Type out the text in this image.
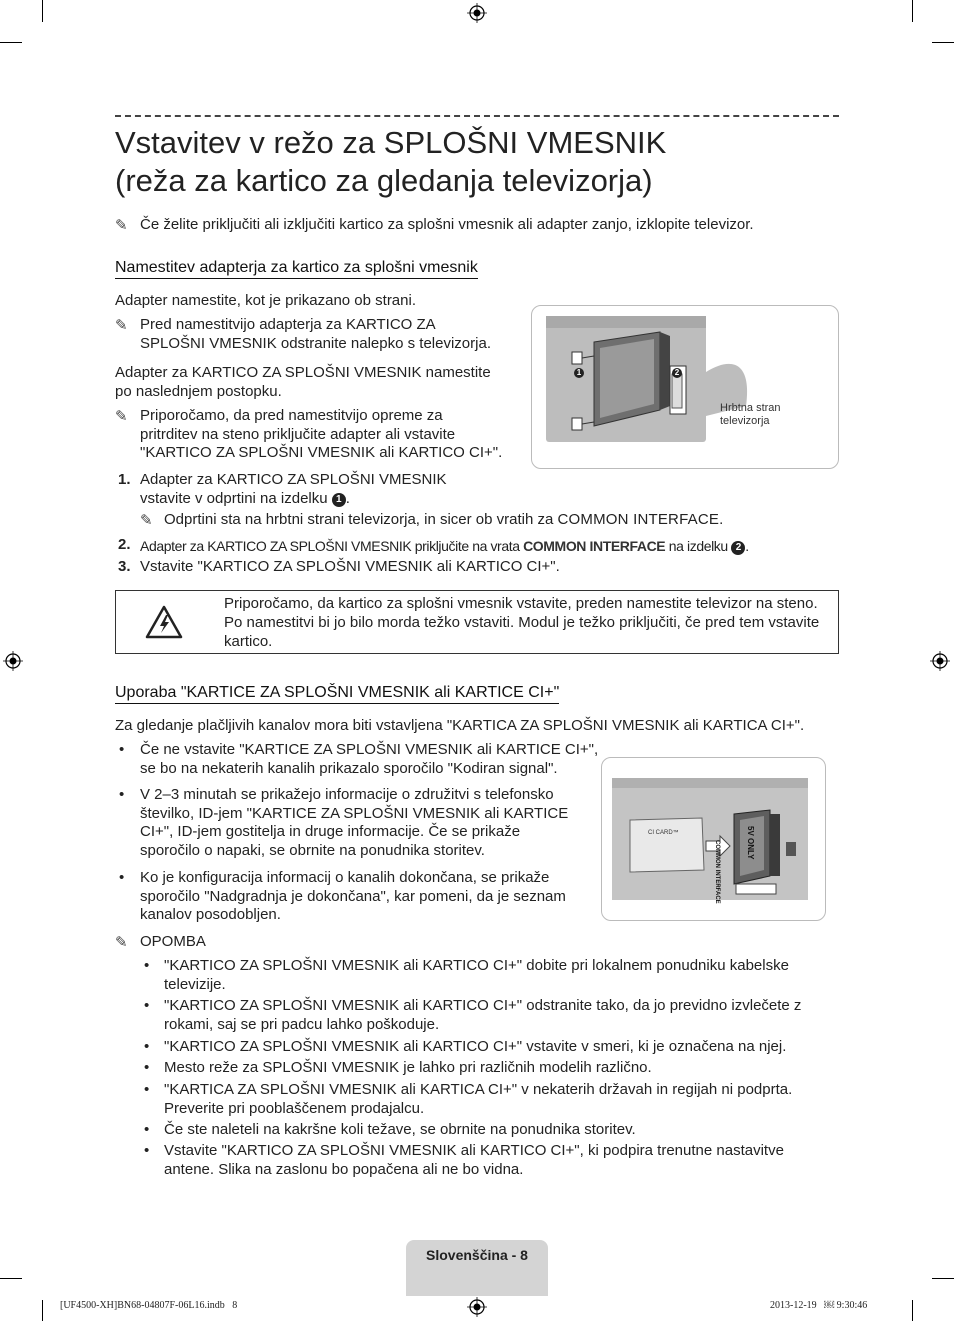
Vstavitev v režo za SPLOŠNI VMESNIK
(reža za kartico za gledanja televizorja)
✎ Če želite priključiti ali izključiti kartico za splošni vmesnik ali adapter zanjo, izklopite televizor.
Namestitev adapterja za kartico za splošni vmesnik
Adapter namestite, kot je prikazano ob strani.
✎ Pred namestitvijo adapterja za KARTICO ZA
SPLOŠNI VMESNIK odstranite nalepko s televizorja.
Adapter za KARTICO ZA SPLOŠNI VMESNIK namestite
po naslednjem postopku.
✎ Priporočamo, da pred namestitvijo opreme za
pritrditev na steno priključite adapter ali vstavite
"KARTICO ZA SPLOŠNI VMESNIK ali KARTICO CI+".
1. Adapter za KARTICO ZA SPLOŠNI VMESNIK
vstavite v odprtini na izdelku 1 .
✎ Odprtini sta na hrbtni strani televizorja, in sicer ob vratih za COMMON INTERFACE.
2. Adapter za KARTICO ZA SPLOŠNI VMESNIK priključite na vrata COMMON INTERFACE na izdelku 2 .
3. Vstavite "KARTICO ZA SPLOŠNI VMESNIK ali KARTICO CI+".
1	2
Hrbtna stran
televizorja
Priporočamo, da kartico za splošni vmesnik vstavite, preden namestite televizor na steno.
Po namestitvi bi jo bilo morda težko vstaviti. Modul je težko priključiti, če pred tem vstavite
kartico.
Uporaba "KARTICE ZA SPLOŠNI VMESNIK ali KARTICE CI+"
Za gledanje plačljivih kanalov mora biti vstavljena "KARTICA ZA SPLOŠNI VMESNIK ali KARTICA CI+".
• Če ne vstavite "KARTICE ZA SPLOŠNI VMESNIK ali KARTICE CI+",
se bo na nekaterih kanalih prikazalo sporočilo "Kodiran signal".
• V 2–3 minutah se prikažejo informacije o združitvi s telefonsko
številko, ID-jem "KARTICE ZA SPLOŠNI VMESNIK ali KARTICE
CI+", ID-jem gostitelja in druge informacije. Če se prikaže
sporočilo o napaki, se obrnite na ponudnika storitev.
• Ko je konfiguracija informacij o kanalih dokončana, se prikaže
sporočilo "Nadgradnja je dokončana", kar pomeni, da je seznam
kanalov posodobljen.
CI CARD™
COMMON INTERFACE	5V ONLY
✎ OPOMBA
• "KARTICO ZA SPLOŠNI VMESNIK ali KARTICO CI+" dobite pri lokalnem ponudniku kabelske
televizije.
• "KARTICO ZA SPLOŠNI VMESNIK ali KARTICO CI+" odstranite tako, da jo previdno izvlečete z
rokami, saj se pri padcu lahko poškoduje.
• "KARTICO ZA SPLOŠNI VMESNIK ali KARTICO CI+" vstavite v smeri, ki je označena na njej.
• Mesto reže za SPLOŠNI VMESNIK je lahko pri različnih modelih različno.
• "KARTICA ZA SPLOŠNI VMESNIK ali KARTICA CI+" v nekaterih državah in regijah ni podprta.
Preverite pri pooblaščenem prodajalcu.
• Če ste naleteli na kakršne koli težave, se obrnite na ponudnika storitev.
• Vstavite "KARTICO ZA SPLOŠNI VMESNIK ali KARTICO CI+", ki podpira trenutne nastavitve
antene. Slika na zaslonu bo popačena ali ne bo vidna.
Slovenščina - 8
[UF4500-XH]BN68-04807F-06L16.indb   8	2013-12-19   ￼ 9:30:46
